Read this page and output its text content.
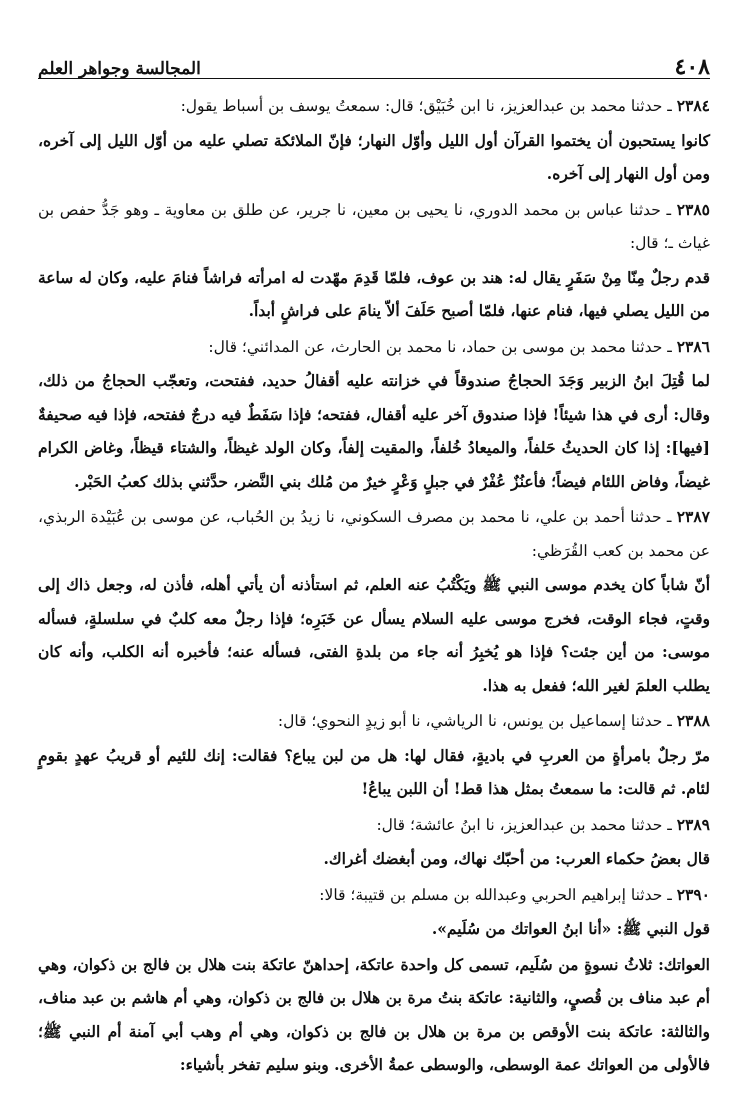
٤٠٨
المجالسة وجواهر العلم

٢٣٨٤ ـ حدثنا محمد بن عبدالعزيز، نا ابن خُبَيْق؛ قال: سمعتُ يوسف بن أسباط يقول:

كانوا يستحبون أن يختموا القرآن أول الليل وأوّل النهار؛ فإنّ الملائكة تصلي عليه من أوّل الليل إلى آخره، ومن أول النهار إلى آخره.

٢٣٨٥ ـ حدثنا عباس بن محمد الدوري، نا يحيى بن معين، نا جرير، عن طلق بن معاوية ـ وهو جَدُّ حفص بن غياث ـ؛ قال:

قدم رجلٌ مِنّا مِنْ سَفَرٍ يقال له: هند بن عوف، فلمّا قَدِمَ مهّدت له امرأته فراشاً فنامَ عليه، وكان له ساعة من الليل يصلي فيها، فنام عنها، فلمّا أصبح حَلَفَ ألاّ ينامَ على فراشٍ أبداً.

٢٣٨٦ ـ حدثنا محمد بن موسى بن حماد، نا محمد بن الحارث، عن المدائني؛ قال:

لما قُتِلَ ابنُ الزبير وَجَدَ الحجاجُ صندوقاً في خزانته عليه أقفالُ حديد، ففتحت، وتعجّب الحجاجُ من ذلك، وقال: أرى في هذا شيئاً! فإذا صندوق آخر عليه أقفال، ففتحه؛ فإذا سَفَطٌ فيه درجٌ ففتحه، فإذا فيه صحيفةٌ [فيها]: إذا كان الحديثُ حَلفاً، والميعادُ خُلفاً، والمقيت إلفاً، وكان الولد غيظاً، والشتاء قيظاً، وغاض الكرام غيضاً، وفاض اللئام فيضاً؛ فأعنُزٌ عُفْرٌ في جبلٍ وَعْرٍ خيرٌ من مُلك بني النَّضر، حدَّثني بذلك كعبُ الحَبْر.

٢٣٨٧ ـ حدثنا أحمد بن علي، نا محمد بن مصرف السكوني، نا زيدُ بن الحُباب، عن موسى بن عُبَيْدة الربذي، عن محمد بن كعب القُرَظي:

أنّ شاباً كان يخدم موسى النبي ﷺ ويَكْتُبُ عنه العلم، ثم استأذنه أن يأتي أهله، فأذن له، وجعل ذاك إلى وقتٍ، فجاء الوقت، فخرج موسى عليه السلام يسأل عن خَبَرِه؛ فإذا رجلٌ معه كلبٌ في سلسلةٍ، فسأله موسى: من أين جئت؟ فإذا هو يُخبِرُ أنه جاء من بلدةِ الفتى، فسأله عنه؛ فأخبره أنه الكلب، وأنه كان يطلب العلمَ لغير الله؛ ففعل به هذا.

٢٣٨٨ ـ حدثنا إسماعيل بن يونس، نا الرياشي، نا أبو زيدٍ النحوي؛ قال:

مرّ رجلٌ بامرأةٍ من العربِ في باديةٍ، فقال لها: هل من لبن يباع؟ فقالت: إنك للئيم أو قريبُ عهدٍ بقومٍ لئام. ثم قالت: ما سمعتُ بمثل هذا قط! أن اللبن يباعُ!

٢٣٨٩ ـ حدثنا محمد بن عبدالعزيز، نا ابنُ عائشة؛ قال:

قال بعضُ حكماء العرب: من أحبّك نهاك، ومن أبغضك أغراك.

٢٣٩٠ ـ حدثنا إبراهيم الحربي وعبدالله بن مسلم بن قتيبة؛ قالا:

قول النبي ﷺ: «أنا ابنُ العواتك من سُلَيم».

العواتك: ثلاثُ نسوةٍ من سُلَيم، تسمى كل واحدة عاتكة، إحداهنّ عاتكة بنت هلال بن فالج بن ذكوان، وهي أم عبد مناف بن قُصيٍ، والثانية: عاتكة بنتُ مرة بن هلال بن فالج بن ذكوان، وهي أم هاشم بن عبد مناف، والثالثة: عاتكة بنت الأوقص بن مرة بن هلال بن فالج بن ذكوان، وهي أم وهب أبي آمنة أم النبي ﷺ؛ فالأولى من العواتك عمة الوسطى، والوسطى عمةُ الأخرى. وبنو سليم تفخر بأشياء:
